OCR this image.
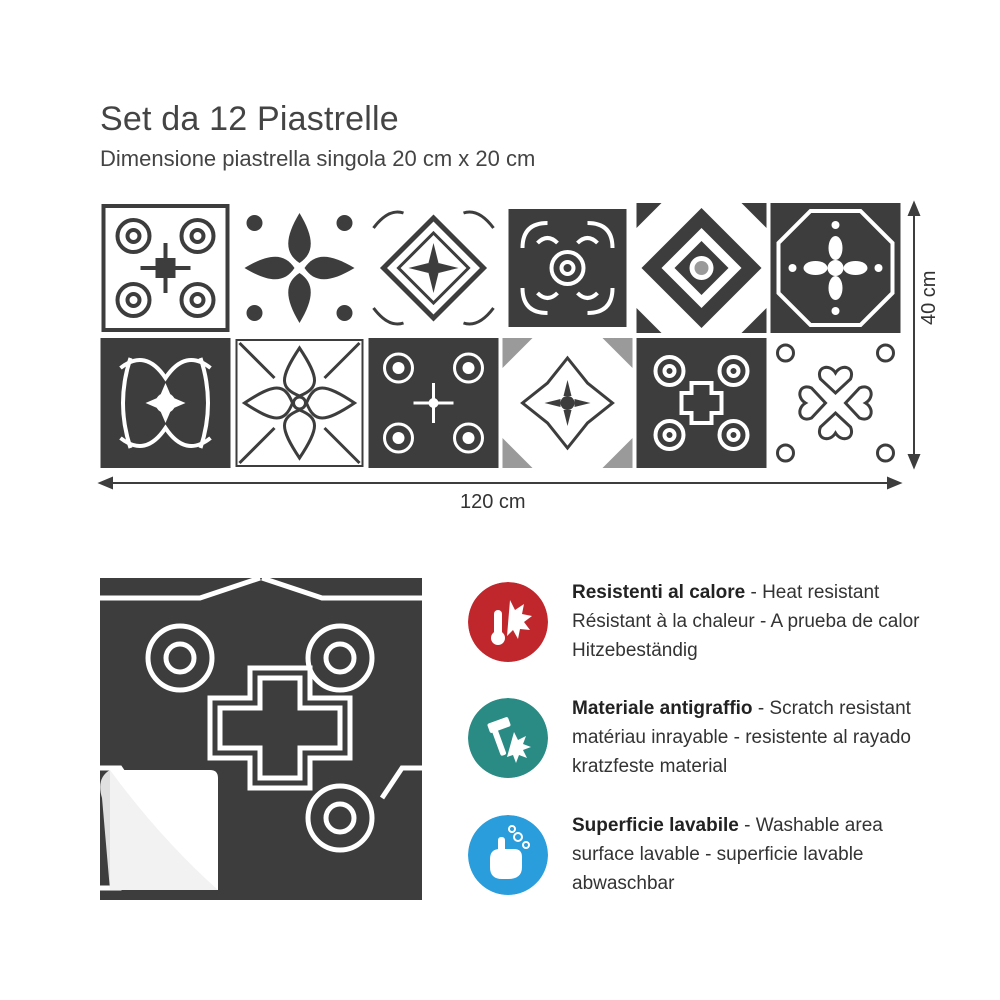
Set da 12 Piastrelle
Dimensione piastrella singola 20 cm x 20 cm
120 cm
40 cm
Resistenti al calore - Heat resistant
Résistant à la chaleur - A prueba de calor
Hitzebeständig
Materiale antigraffio - Scratch resistant
matériau inrayable - resistente al rayado
kratzfeste material
Superficie lavabile - Washable area
surface lavable - superficie lavable
abwaschbar
